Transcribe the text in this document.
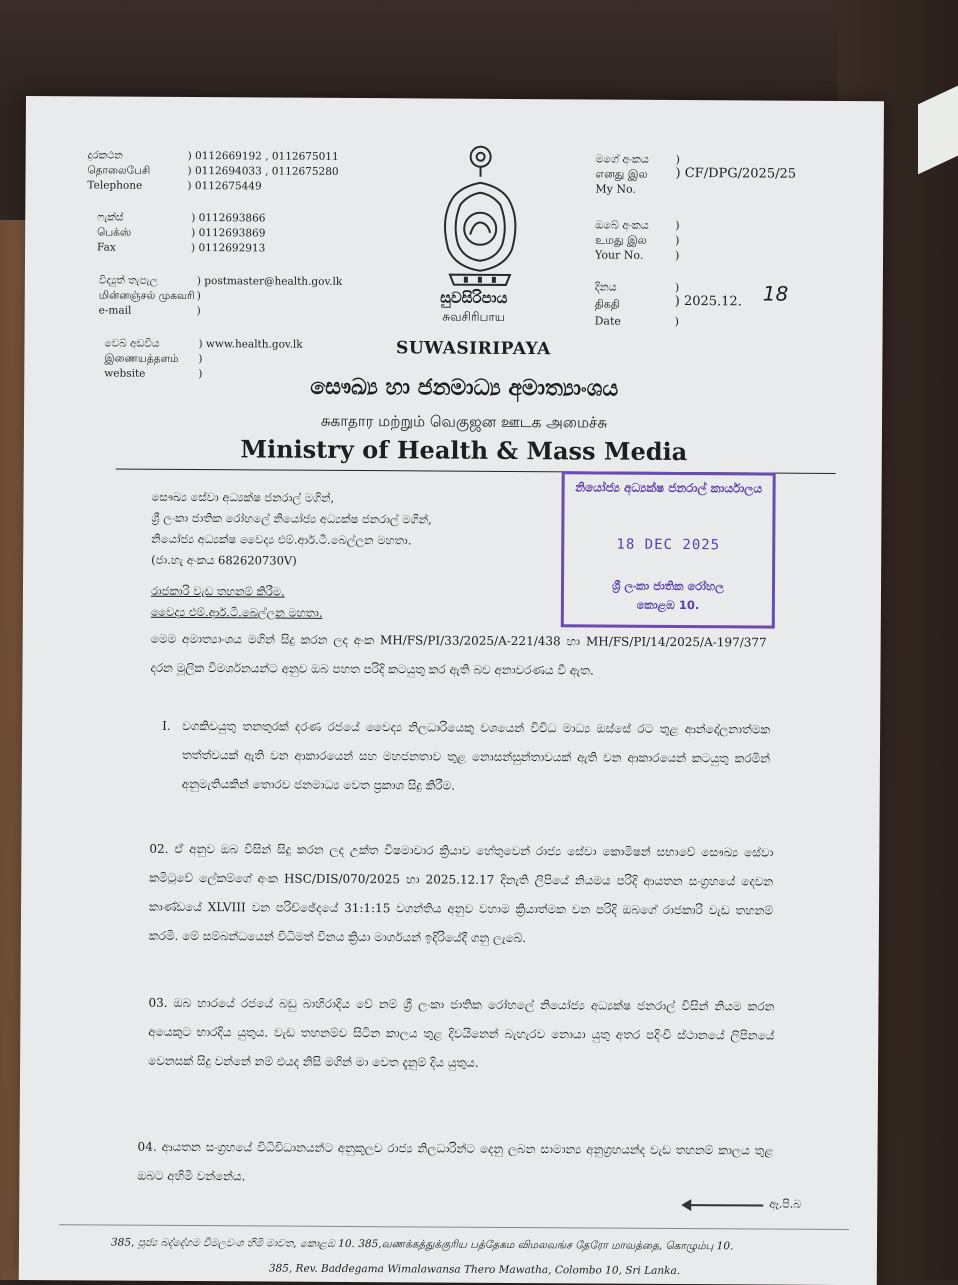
දුරකථන
தொலைபேசி
Telephone
) 0112669192 , 0112675011
) 0112694033 , 0112675280
) 0112675449
ෆැක්ස්
பெக்ஸ்
Fax
) 0112693866
) 0112693869
) 0112692913
විද්‍යුත් තැපැල
மின்னஞ்சல் முகவரி
e-mail
) postmaster@health.gov.lk
)
)
වෙබ් අඩවිය
இணையத்தளம்
website
) www.health.gov.lk
)
)
සුවසිරිපාය
சுவசிரிபாய
SUWASIRIPAYA
මගේ අංකය
எனது இல
My No.
)
) CF/DPG/2025/25
ඔබේ අංකය
உமது இல
Your No.
)
)
)
දිනය
திகதி
Date
)
) 2025.12. 18
)
සෞඛ්‍ය හා ජනමාධ්‍ය අමාත්‍යාංශය
சுகாதார மற்றும் வெகுஜன ஊடக அமைச்சு
Ministry of Health & Mass Media
නියෝජ්‍ය අධ්‍යක්ෂ ජනරාල් කාර්යාලය
18 DEC 2025
ශ්‍රී ලංකා ජාතික රෝහල
කොළඹ 10.
සෞඛ්‍ය සේවා අධ්‍යක්ෂ ජනරාල් මගින්,
ශ්‍රී ලංකා ජාතික රෝහලේ නියෝජ්‍ය අධ්‍යක්ෂ ජනරාල් මගින්,
නියෝජ්‍ය අධ්‍යක්ෂ වෛද්‍ය එම්.ආර්.ටී.බෙල්ලන මහතා.
(ජා.හැ අංකය 682620730V)
රාජකාරි වැඩ තහනම් කිරීම.
වෛද්‍ය එම්.ආර්.ටී.බෙල්ලන මහතා.
මෙම අමාත්‍යාංශය මගින් සිදු කරන ලද අංක MH/FS/PI/33/2025/A-221/438 හා MH/FS/PI/14/2025/A-197/377 දරන මූලික විමර්ශනයන්ට අනුව ඔබ පහත පරිදි කටයුතු කර ඇති බව අනාවරණය වී ඇත.
I. වගකිවයුතු තනතුරක් දරණ රජයේ වෛද්‍ය නිලධාරියෙකු වශයෙන් විවිධ මාධ්‍ය ඔස්සේ රට තුළ ආන්දෝලනාත්මක තත්ත්වයක් ඇති වන ආකාරයෙන් සහ මහජනතාව තුළ නොසන්සුන්තාවයක් ඇති වන ආකාරයෙන් කටයුතු කරමින් අනුමැතියකින් තොරව ජනමාධ්‍ය වෙත ප්‍රකාශ සිදු කිරීම.
02. ඒ අනුව ඔබ විසින් සිදු කරන ලද උක්ත විෂමාචාර ක්‍රියාව හේතුවෙන් රාජ්‍ය සේවා කොමිෂන් සභාවේ සෞඛ්‍ය සේවා කමිටුවේ ලේකම්ගේ අංක HSC/DIS/070/2025 හා 2025.12.17 දිනැති ලිපියේ නියමය පරිදි ආයතන සංග්‍රහයේ දෙවන කාණ්ඩයේ XLVIII වන පරිච්ඡේදයේ 31:1:15 වගන්තිය අනුව වහාම ක්‍රියාත්මක වන පරිදි ඔබගේ රාජකාරි වැඩ තහනම් කරමි. මේ සම්බන්ධයෙන් විධිමත් විනය ක්‍රියා මාර්ගයන් ඉදිරියේදී ගනු ලැබේ.
03. ඔබ හාරයේ රජයේ බඩු බාහිරාදිය වේ නම් ශ්‍රී ලංකා ජාතික රෝහලේ නියෝජ්‍ය අධ්‍යක්ෂ ජනරාල් විසින් නියම කරන අයෙකුට භාරදිය යුතුය. වැඩ තහනම්ව සිටින කාලය තුළ දිවයිනෙන් බැහැරව නොයා යුතු අතර පදිංචි ස්ථානයේ ලිපිනයේ වෙනසක් සිදු වන්නේ නම් එයද නිසි මගින් මා වෙත දැනුම් දිය යුතුය.
04. ආයතන සංග්‍රහයේ විධිවිධානයන්ට අනුකූලව රාජ්‍ය නිලධාරින්ට දෙනු ලබන සාමාන්‍ය අනුග්‍රහයන්ද වැඩ තහනම් කාලය තුළ ඔබට අහිමි වන්නේය.
ඈ.පි.බ
385, පූජ්‍ය බද්දේගම විමලවංශ හිමි මාවත, කොළඹ 10. 385,வணக்கத்துக்குரிய பத்தேகம விமலவங்ச தேரோ மாவத்தை, கொழும்பு 10.
385, Rev. Baddegama Wimalawansa Thero Mawatha, Colombo 10, Sri Lanka.
